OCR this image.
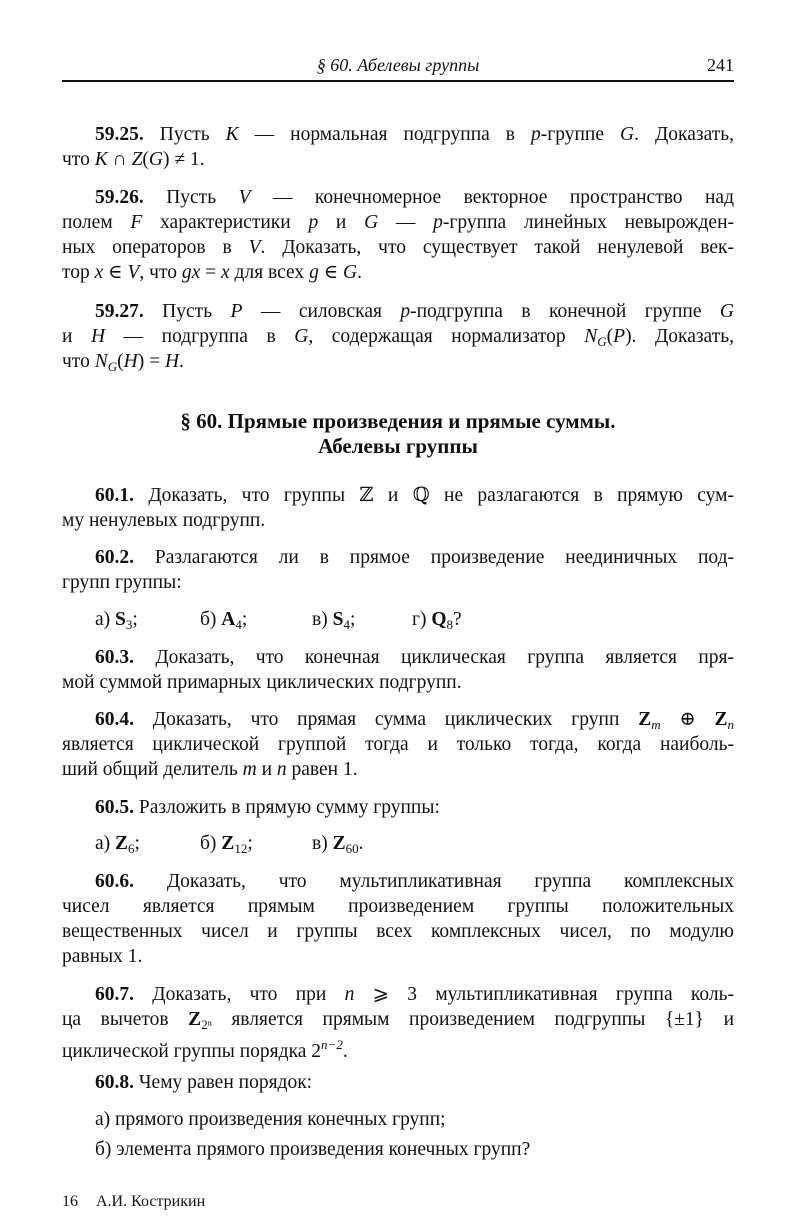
§ 60. Абелевы группы	241
§ 60. Прямые произведения и прямые суммы.
Абелевы группы
59.25. Пусть K — нормальная подгруппа в p-группе G. Доказать,
что K ∩ Z(G) ≠ 1.
59.26. Пусть V — конечномерное векторное пространство над
полем F характеристики p и G — p-группа линейных невырожден-
ных операторов в V. Доказать, что существует такой ненулевой век-
тор x ∈ V, что gx = x для всех g ∈ G.
59.27. Пусть P — силовская p-подгруппа в конечной группе G
и H — подгруппа в G, содержащая нормализатор $N_G(P)$. Доказать,
что $N_G(H) = H$.
60.1. Доказать, что группы ℤ и ℚ не разлагаются в прямую сум-
му ненулевых подгрупп.
60.2. Разлагаются ли в прямое произведение неединичных под-
групп группы:
а) $S_3$;	б) $A_4$;	в) $S_4$;	г) $Q_8$?
60.3. Доказать, что конечная циклическая группа является пря-
мой суммой примарных циклических подгрупп.
60.4. Доказать, что прямая сумма циклических групп $Z_m$ ⊕ $Z_n$
является циклической группой тогда и только тогда, когда наиболь-
ший общий делитель m и n равен 1.
60.5. Разложить в прямую сумму группы:
а) $Z_6$;	б) $Z_{12}$;	в) $Z_{60}$.
60.6. Доказать, что мультипликативная группа комплексных
чисел является прямым произведением группы положительных
вещественных чисел и группы всех комплексных чисел, по модулю
равных 1.
60.7. Доказать, что при n ⩾ 3 мультипликативная группа коль-
ца вычетов $Z_{2^n}$ является прямым произведением подгруппы {±1} и
циклической группы порядка $2^{n-2}$.
60.8. Чему равен порядок:
а) прямого произведения конечных групп;
б) элемента прямого произведения конечных групп?
16 А.И. Кострикин
